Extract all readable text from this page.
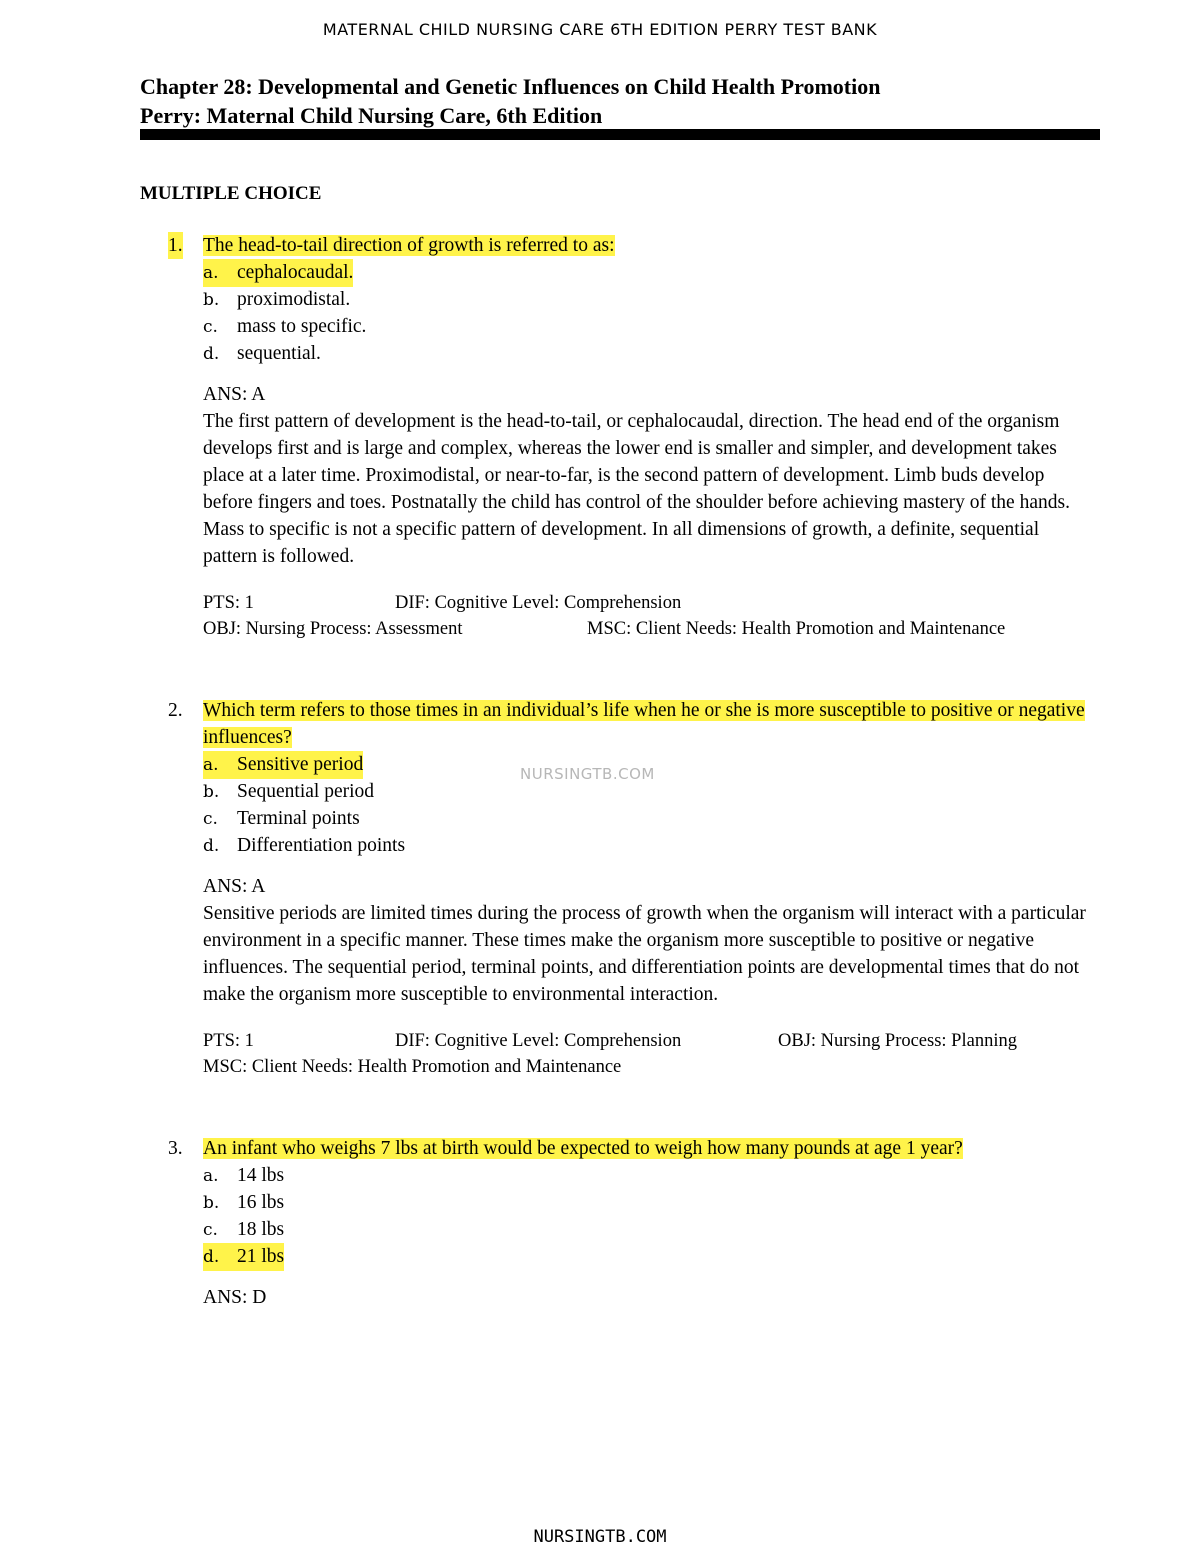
MATERNAL CHILD NURSING CARE 6TH EDITION PERRY TEST BANK
Chapter 28: Developmental and Genetic Influences on Child Health Promotion
Perry: Maternal Child Nursing Care, 6th Edition
MULTIPLE CHOICE
1. The head-to-tail direction of growth is referred to as:
a. cephalocaudal.
b. proximodistal.
c. mass to specific.
d. sequential.
ANS: A
The first pattern of development is the head-to-tail, or cephalocaudal, direction. The head end of the organism develops first and is large and complex, whereas the lower end is smaller and simpler, and development takes place at a later time. Proximodistal, or near-to-far, is the second pattern of development. Limb buds develop before fingers and toes. Postnatally the child has control of the shoulder before achieving mastery of the hands. Mass to specific is not a specific pattern of development. In all dimensions of growth, a definite, sequential pattern is followed.
PTS: 1	DIF: Cognitive Level: Comprehension
OBJ: Nursing Process: Assessment	MSC: Client Needs: Health Promotion and Maintenance
2. Which term refers to those times in an individual’s life when he or she is more susceptible to positive or negative influences?
a. Sensitive period
b. Sequential period
c. Terminal points
d. Differentiation points
ANS: A
Sensitive periods are limited times during the process of growth when the organism will interact with a particular environment in a specific manner. These times make the organism more susceptible to positive or negative influences. The sequential period, terminal points, and differentiation points are developmental times that do not make the organism more susceptible to environmental interaction.
PTS: 1	DIF: Cognitive Level: Comprehension	OBJ: Nursing Process: Planning
MSC: Client Needs: Health Promotion and Maintenance
3. An infant who weighs 7 lbs at birth would be expected to weigh how many pounds at age 1 year?
a. 14 lbs
b. 16 lbs
c. 18 lbs
d. 21 lbs
ANS: D
NURSINGTB.COM
NURSINGTB.COM
